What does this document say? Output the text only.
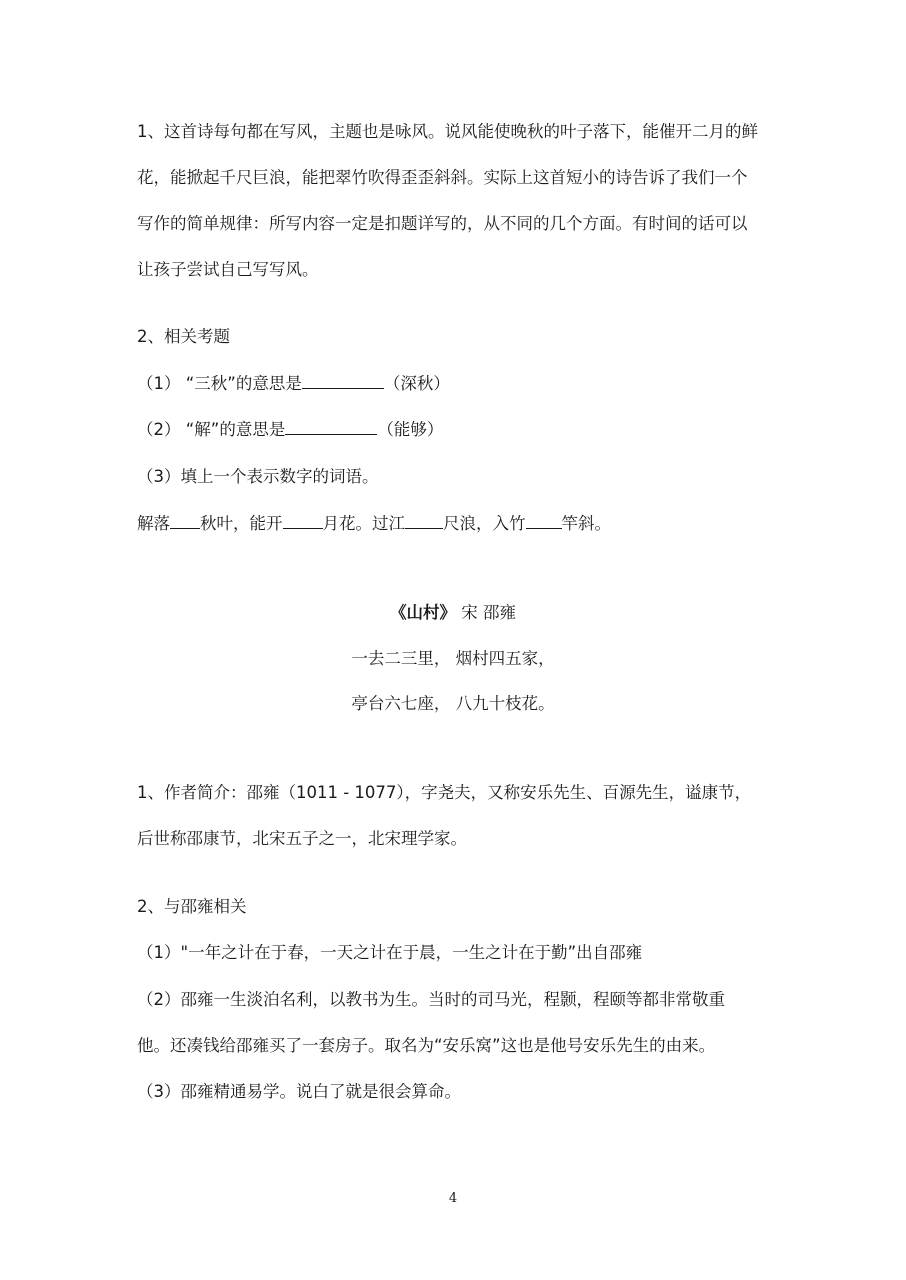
1、这首诗每句都在写风，主题也是咏风。说风能使晚秋的叶子落下，能催开二月的鲜
花，能掀起千尺巨浪，能把翠竹吹得歪歪斜斜。实际上这首短小的诗告诉了我们一个
写作的简单规律：所写内容一定是扣题详写的，从不同的几个方面。有时间的话可以
让孩子尝试自己写写风。
2、相关考题
（1） “三秋”的意思是	（深秋）
（2） “解”的意思是	（能够）
（3）填上一个表示数字的词语。
解落 秋叶，能开 月花。过江 尺浪，入竹 竿斜。
《山村》 宋 邵雍
一去二三里， 烟村四五家，
亭台六七座， 八九十枝花。
1、作者简介：邵雍（1011 - 1077），字尧夫，又称安乐先生、百源先生，谥康节，
后世称邵康节，北宋五子之一，北宋理学家。
2、与邵雍相关
（1）"一年之计在于春，一天之计在于晨，一生之计在于勤”出自邵雍
（2）邵雍一生淡泊名利，以教书为生。当时的司马光，程颢，程颐等都非常敬重
他。还凑钱给邵雍买了一套房子。取名为“安乐窝”这也是他号安乐先生的由来。
（3）邵雍精通易学。说白了就是很会算命。
4
